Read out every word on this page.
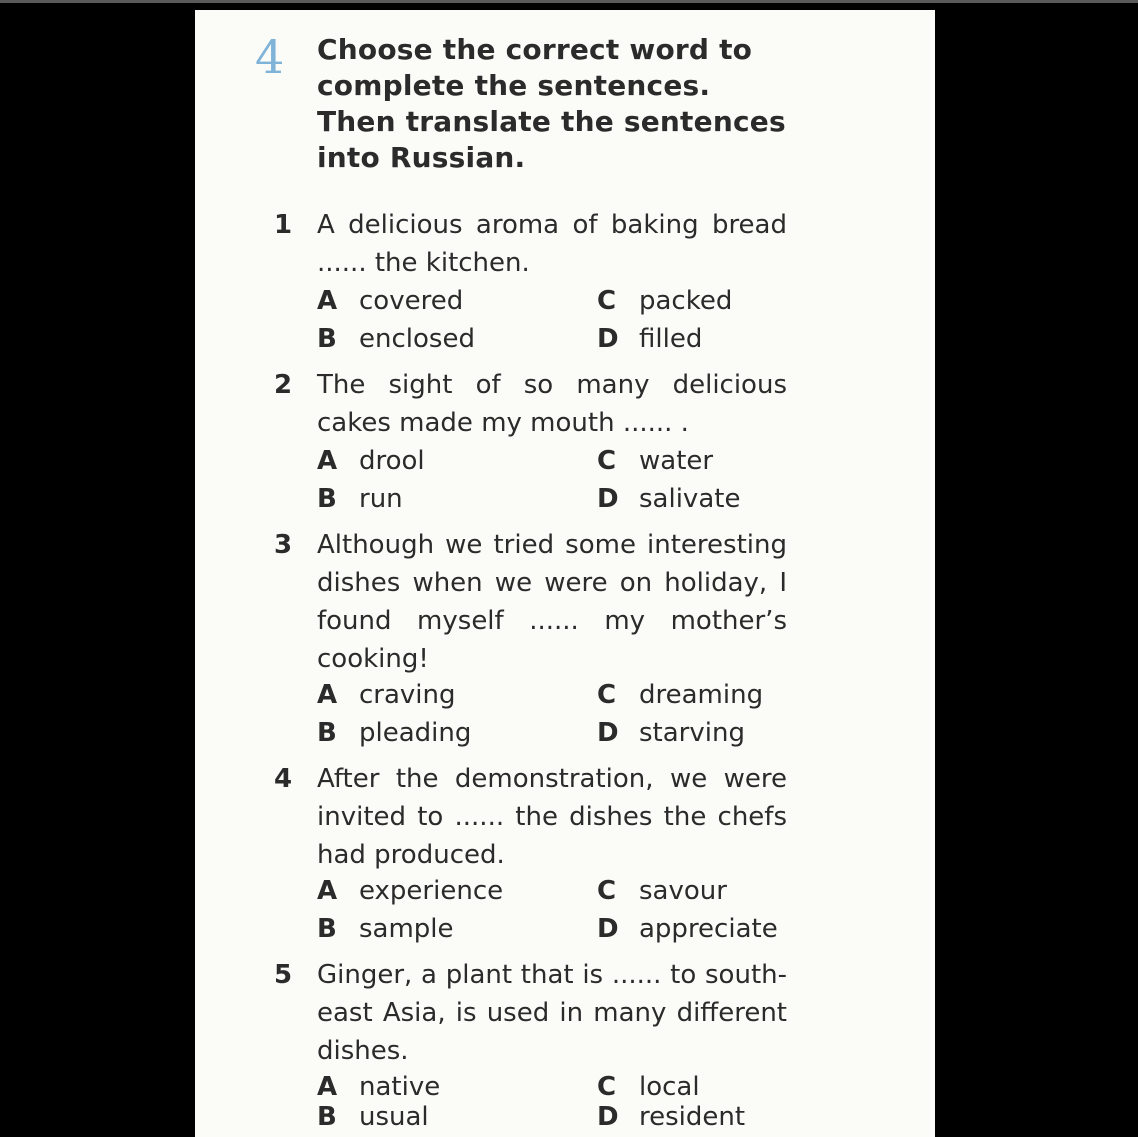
4 Choose the correct word to complete the sentences. Then translate the sentences into Russian.
1 A delicious aroma of baking bread ...... the kitchen.
A covered
B enclosed
C packed
D filled
2 The sight of so many delicious cakes made my mouth ...... .
A drool
B run
C water
D salivate
3 Although we tried some interesting dishes when we were on holiday, I found myself ...... my mother’s cooking!
A craving
B pleading
C dreaming
D starving
4 After the demonstration, we were invited to ...... the dishes the chefs had produced.
A experience
B sample
C savour
D appreciate
5 Ginger, a plant that is ...... to south-east Asia, is used in many different dishes.
A native
B usual
C local
D resident
